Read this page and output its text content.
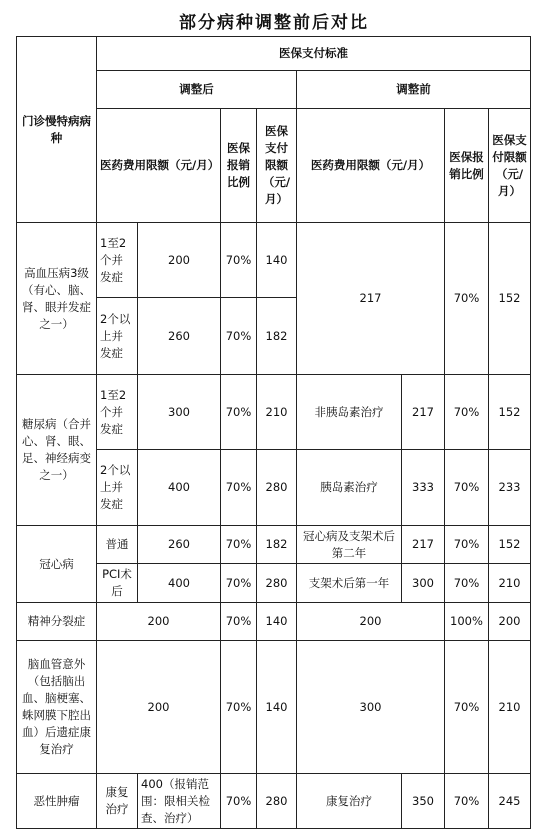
部分病种调整前后对比
门诊慢特病病种	医保支付标准							
	调整后				调整前			
	医药费用限额（元/月）		医保报销比例	医保支付限额（元/月）	医药费用限额（元/月）		医保报销比例	医保支付限额（元/月）
高血压病3级（有心、脑、肾、眼并发症之一）	1至2个并发症	200	70%	140	217		70%	152
	2个以上并发症	260	70%	182				
糖尿病（合并心、肾、眼、足、神经病变之一）	1至2个并发症	300	70%	210	非胰岛素治疗	217	70%	152
	2个以上并发症	400	70%	280	胰岛素治疗	333	70%	233
冠心病	普通	260	70%	182	冠心病及支架术后第二年	217	70%	152
	PCI术后	400	70%	280	支架术后第一年	300	70%	210
精神分裂症	200		70%	140	200		100%	200
脑血管意外（包括脑出血、脑梗塞、蛛网膜下腔出血）后遗症康复治疗	200		70%	140	300		70%	210
恶性肿瘤	康复治疗	400（报销范围：限相关检查、治疗）	70%	280	康复治疗	350	70%	245
